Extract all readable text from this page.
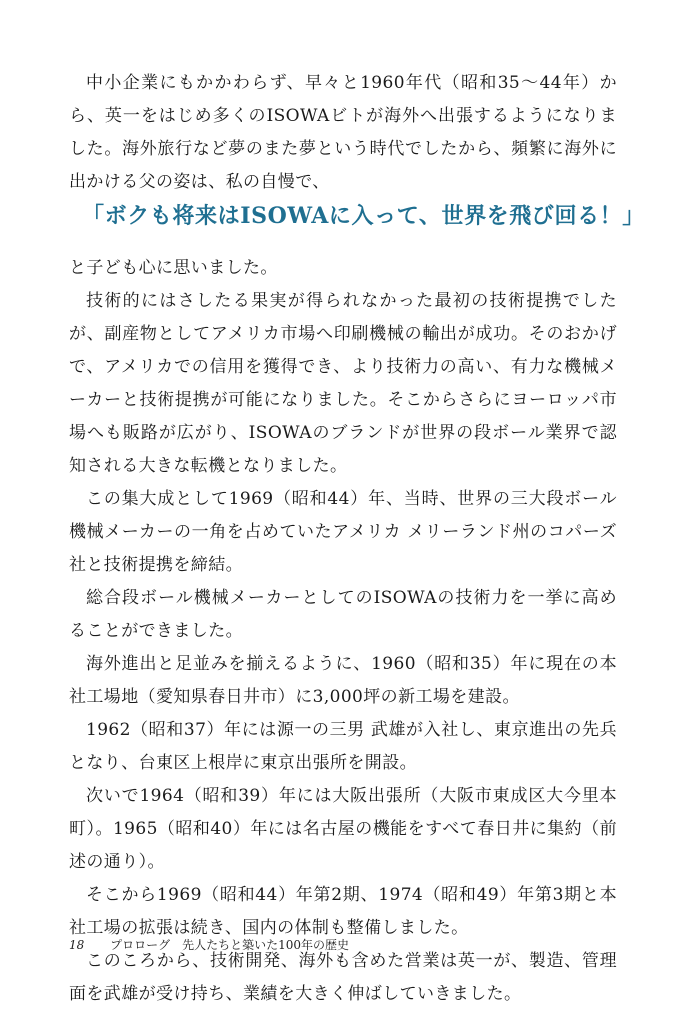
中小企業にもかかわらず、早々と1960年代（昭和35〜44年）から、英一をはじめ多くのISOWAビトが海外へ出張するようになりました。海外旅行など夢のまた夢という時代でしたから、頻繁に海外に出かける父の姿は、私の自慢で、

「ボクも将来はISOWAに入って、世界を飛び回る！」

と子ども心に思いました。

技術的にはさしたる果実が得られなかった最初の技術提携でしたが、副産物としてアメリカ市場へ印刷機械の輸出が成功。そのおかげで、アメリカでの信用を獲得でき、より技術力の高い、有力な機械メーカーと技術提携が可能になりました。そこからさらにヨーロッパ市場へも販路が広がり、ISOWAのブランドが世界の段ボール業界で認知される大きな転機となりました。

この集大成として1969（昭和44）年、当時、世界の三大段ボール機械メーカーの一角を占めていたアメリカ メリーランド州のコパーズ社と技術提携を締結。

総合段ボール機械メーカーとしてのISOWAの技術力を一挙に高めることができました。

海外進出と足並みを揃えるように、1960（昭和35）年に現在の本社工場地（愛知県春日井市）に3,000坪の新工場を建設。

1962（昭和37）年には源一の三男 武雄が入社し、東京進出の先兵となり、台東区上根岸に東京出張所を開設。

次いで1964（昭和39）年には大阪出張所（大阪市東成区大今里本町）。1965（昭和40）年には名古屋の機能をすべて春日井に集約（前述の通り）。

そこから1969（昭和44）年第2期、1974（昭和49）年第3期と本社工場の拡張は続き、国内の体制も整備しました。

このころから、技術開発、海外も含めた営業は英一が、製造、管理面を武雄が受け持ち、業績を大きく伸ばしていきました。

18 プロローグ　先人たちと築いた100年の歴史
